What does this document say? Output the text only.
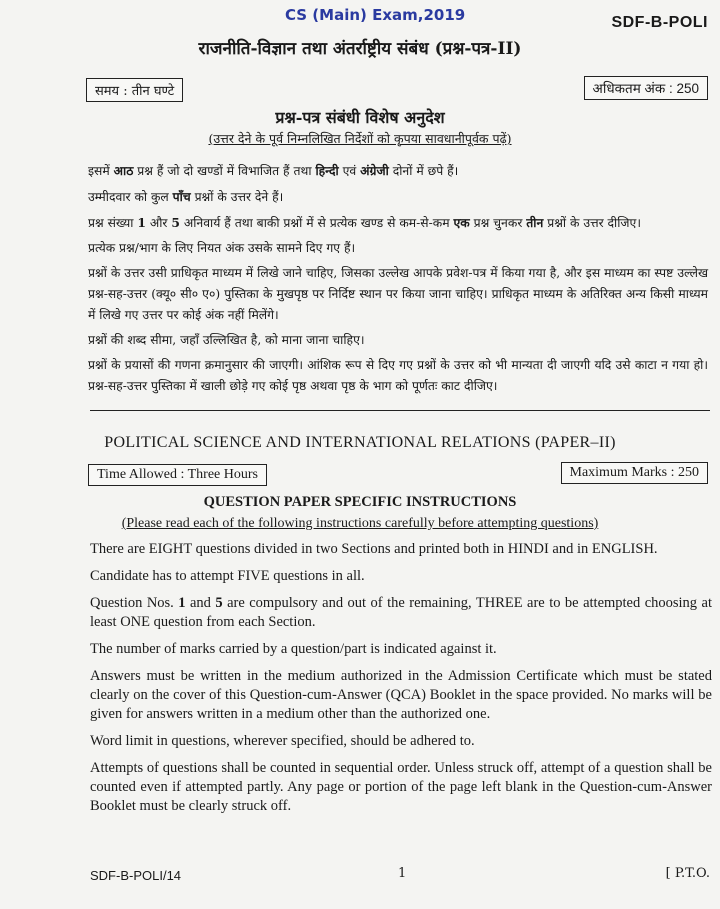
CS (Main) Exam,2019	SDF-B-POLI
राजनीति-विज्ञान तथा अंतर्राष्ट्रीय संबंध (प्रश्न-पत्र-II)
समय : तीन घण्टे	अधिकतम अंक : 250
प्रश्न-पत्र संबंधी विशेष अनुदेश
(उत्तर देने के पूर्व निम्नलिखित निर्देशों को कृपया सावधानीपूर्वक पढ़ें)

इसमें आठ प्रश्न हैं जो दो खण्डों में विभाजित हैं तथा हिन्दी एवं अंग्रेजी दोनों में छपे हैं।

उम्मीदवार को कुल पाँच प्रश्नों के उत्तर देने हैं।

प्रश्न संख्या 1 और 5 अनिवार्य हैं तथा बाकी प्रश्नों में से प्रत्येक खण्ड से कम-से-कम एक प्रश्न चुनकर तीन प्रश्नों के उत्तर दीजिए।

प्रत्येक प्रश्न/भाग के लिए नियत अंक उसके सामने दिए गए हैं।

प्रश्नों के उत्तर उसी प्राधिकृत माध्यम में लिखे जाने चाहिए, जिसका उल्लेख आपके प्रवेश-पत्र में किया गया है, और इस माध्यम का स्पष्ट उल्लेख प्रश्न-सह-उत्तर (क्यू० सी० ए०) पुस्तिका के मुखपृष्ठ पर निर्दिष्ट स्थान पर किया जाना चाहिए। प्राधिकृत माध्यम के अतिरिक्त अन्य किसी माध्यम में लिखे गए उत्तर पर कोई अंक नहीं मिलेंगे।

प्रश्नों की शब्द सीमा, जहाँ उल्लिखित है, को माना जाना चाहिए।

प्रश्नों के प्रयासों की गणना क्रमानुसार की जाएगी। आंशिक रूप से दिए गए प्रश्नों के उत्तर को भी मान्यता दी जाएगी यदि उसे काटा न गया हो। प्रश्न-सह-उत्तर पुस्तिका में खाली छोड़े गए कोई पृष्ठ अथवा पृष्ठ के भाग को पूर्णतः काट दीजिए।

POLITICAL SCIENCE AND INTERNATIONAL RELATIONS (PAPER–II)
Time Allowed : Three Hours	Maximum Marks : 250
QUESTION PAPER SPECIFIC INSTRUCTIONS
(Please read each of the following instructions carefully before attempting questions)

There are EIGHT questions divided in two Sections and printed both in HINDI and in ENGLISH.

Candidate has to attempt FIVE questions in all.

Question Nos. 1 and 5 are compulsory and out of the remaining, THREE are to be attempted choosing at least ONE question from each Section.

The number of marks carried by a question/part is indicated against it.

Answers must be written in the medium authorized in the Admission Certificate which must be stated clearly on the cover of this Question-cum-Answer (QCA) Booklet in the space provided. No marks will be given for answers written in a medium other than the authorized one.

Word limit in questions, wherever specified, should be adhered to.

Attempts of questions shall be counted in sequential order. Unless struck off, attempt of a question shall be counted even if attempted partly. Any page or portion of the page left blank in the Question-cum-Answer Booklet must be clearly struck off.

SDF-B-POLI/14	1	[ P.T.O.
